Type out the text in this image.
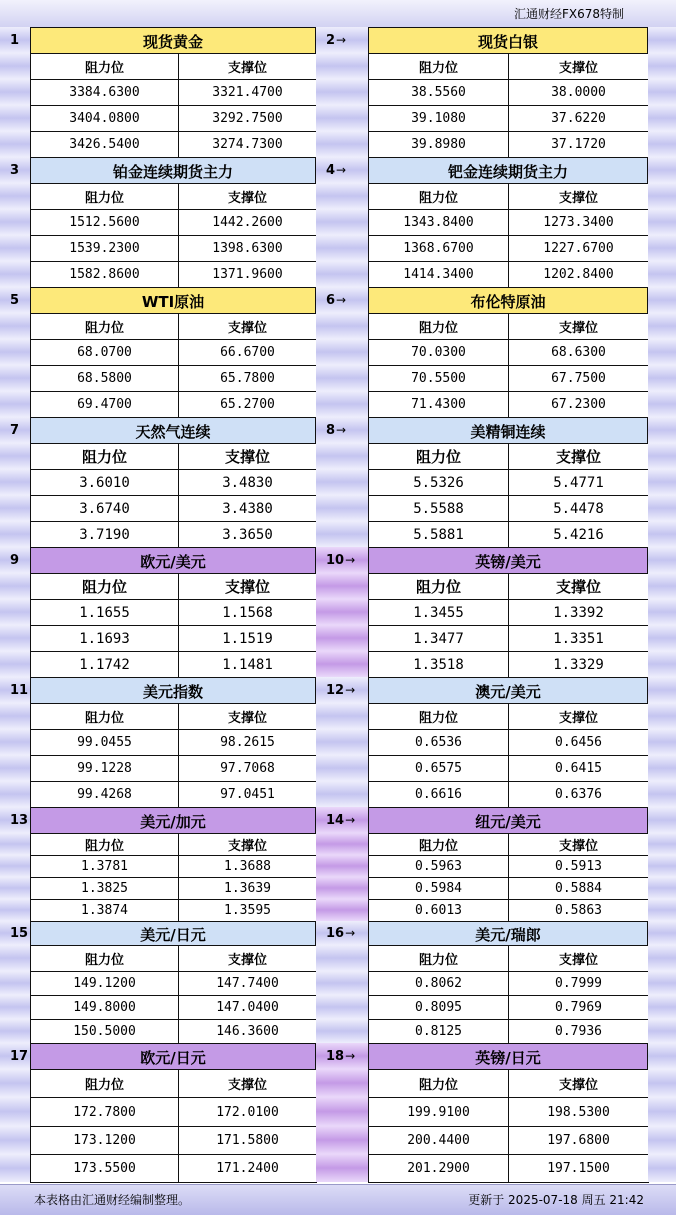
汇通财经FX678特制
1	现货黄金
阻力位	支撑位
3384.6300	3321.4700
3404.0800	3292.7500
3426.5400	3274.7300
2 →	现货白银
阻力位	支撑位
38.5560	38.0000
39.1080	37.6220
39.8980	37.1720
3	铂金连续期货主力
阻力位	支撑位
1512.5600	1442.2600
1539.2300	1398.6300
1582.8600	1371.9600
4 →	钯金连续期货主力
阻力位	支撑位
1343.8400	1273.3400
1368.6700	1227.6700
1414.3400	1202.8400
5	WTI原油
阻力位	支撑位
68.0700	66.6700
68.5800	65.7800
69.4700	65.2700
6 →	布伦特原油
阻力位	支撑位
70.0300	68.6300
70.5500	67.7500
71.4300	67.2300
7	天然气连续
阻力位	支撑位
3.6010	3.4830
3.6740	3.4380
3.7190	3.3650
8 →	美精铜连续
阻力位	支撑位
5.5326	5.4771
5.5588	5.4478
5.5881	5.4216
9	欧元/美元
阻力位	支撑位
1.1655	1.1568
1.1693	1.1519
1.1742	1.1481
10 →	英镑/美元
阻力位	支撑位
1.3455	1.3392
1.3477	1.3351
1.3518	1.3329
11	美元指数
阻力位	支撑位
99.0455	98.2615
99.1228	97.7068
99.4268	97.0451
12 →	澳元/美元
阻力位	支撑位
0.6536	0.6456
0.6575	0.6415
0.6616	0.6376
13	美元/加元
阻力位	支撑位
1.3781	1.3688
1.3825	1.3639
1.3874	1.3595
14 →	纽元/美元
阻力位	支撑位
0.5963	0.5913
0.5984	0.5884
0.6013	0.5863
15	美元/日元
阻力位	支撑位
149.1200	147.7400
149.8000	147.0400
150.5000	146.3600
16 →	美元/瑞郎
阻力位	支撑位
0.8062	0.7999
0.8095	0.7969
0.8125	0.7936
17	欧元/日元
阻力位	支撑位
172.7800	172.0100
173.1200	171.5800
173.5500	171.2400
18 →	英镑/日元
阻力位	支撑位
199.9100	198.5300
200.4400	197.6800
201.2900	197.1500
本表格由汇通财经编制整理。	更新于 2025-07-18 周五 21:42
